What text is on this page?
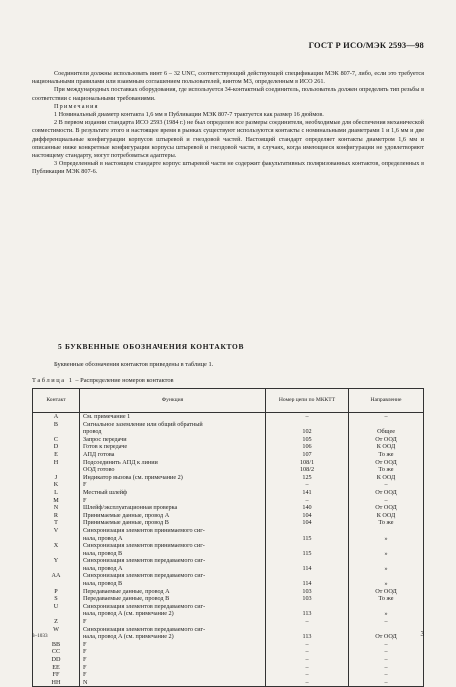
ГОСТ Р ИСО/МЭК 2593—98

Соединители должны использовать винт 6 – 32 UNC, соответствующий действующей спецификации МЭК 807-7, либо, если это требуется национальными правилами или взаимным соглашением пользователей, винтом М3, определенным в ИСО 261.

При международных поставках оборудования, где используется 34-контактный соединитель, пользователь должен определять тип резьбы в соответствии с национальными требованиями.

Примечания

1 Номинальный диаметр контакта 1,6 мм в Публикации МЭК 807-7 трактуется как размер 16 дюймов.

2 В первом издании стандарта ИСО 2593 (1984 г.) не был определен все размеры соединителя, необходимые для обеспечения механической совместимости. В результате этого и настоящее время в рынках существуют используются контакты с номинальными диаметрами 1 и 1,6 мм и две дифференциальные конфигурации корпусов штыревой и гнездовой частей. Настоящий стандарт определяет контакты диаметром 1,6 мм и описанные ниже конкретные конфигурации корпусы штыревой и гнездовой части, в случаях, когда имеющиеся конфигурации не удовлетворяют настоящему стандарту, могут потребоваться адаптеры.

3 Определенный в настоящем стандарте корпус штыревой части не содержит факультативных поляризованных контактов, определенных в Публикации МЭК 807-6.

5 БУКВЕННЫЕ ОБОЗНАЧЕНИЯ КОНТАКТОВ
Буквенные обозначения контактов приведены в таблице 1.
Таблица 1 – Распределение номеров контактов
Контакт	Функция	Номер цепи по МККТТ	Направление
A	См. примечание 1	–	–
B	Сигнальное заземление или общий обратный		
	провод	102	Общее
C	Запрос передачи	105	От ООД
D	Готов к передаче	106	К ООД
E	АПД готова	107	То же
H	Подсоединить АПД к линии	108/1	От ООД
	ООД готово	108/2	То же
J	Индикатор вызова (см. примечание 2)	125	К ООД
K	F	–	–
L	Местный шлейф	141	От ООД
M	F	–	–
N	Шлейф/эксплуатационная проверка	140	От ООД
R	Принимаемые данные, провод A	104	К ООД
T	Принимаемые данные, провод B	104	То же
V	Синхронизация элементов принимаемого сиг-		
	нала, провод A	115	»
X	Синхронизация элементов принимаемого сиг-		
	нала, провод B	115	»
Y	Синхронизация элементов передаваемого сиг-		
	нала, провод A	114	»
AA	Синхронизация элементов передаваемого сиг-		
	нала, провод B	114	»
P	Передаваемые данные, провод A	103	От ООД
S	Передаваемые данные, провод B	103	То же
U	Синхронизация элементов передаваемого сиг-		
	нала, провод A (см. примечание 2)	113	»
Z	F	–	–
W	Синхронизация элементов передаваемого сиг-		
	нала, провод A (см. примечание 2)	113	От ООД
BB	F	–	–
CC	F	–	–
DD	F	–	–
EE	F	–	–
FF	F	–	–
HH	N	–	–
3–1033	3
